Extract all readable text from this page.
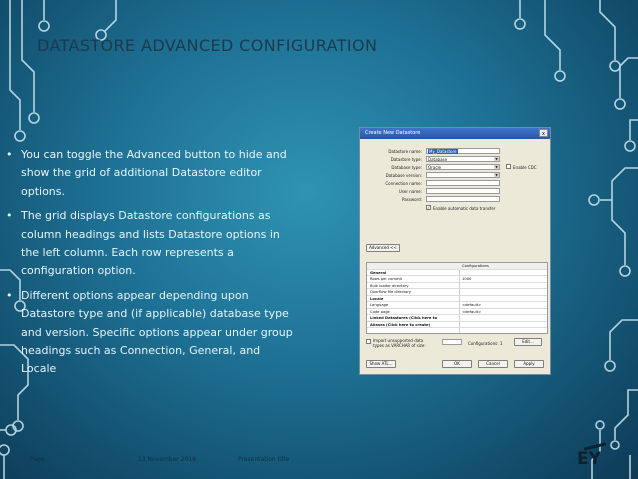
DATASTORE ADVANCED CONFIGURATION
• You can toggle the Advanced button to hide and show the grid of additional Datastore editor options.
• The grid displays Datastore configurations as column headings and lists Datastore options in the left column. Each row represents a configuration option.
• Different options appear depending upon Datastore type and (if applicable) database type and version. Specific options appear under group headings such as Connection, General, and Locale
Create New Datastore	x
Datastore name:	My_Datastore
Datastore type:	Database	▼
Database type:	Oracle	▼	Enable CDC
Database version:	▼
Connection name:
User name:
Password:
✓ Enable automatic data transfer
Advanced <<
Configurations
General
Rows per commit	1000
Bulk loader directory
Overflow file directory
Locale
Language	<default>
Code page	<default>
Linked Datastores (Click here to
Aliases (Click here to create)
Import unsupported data types as VARCHAR of size:	Configurations: 1	Edit...
Show ATL...	OK	Cancel	Apply
Page	13 November 2019	Presentation title	EY
